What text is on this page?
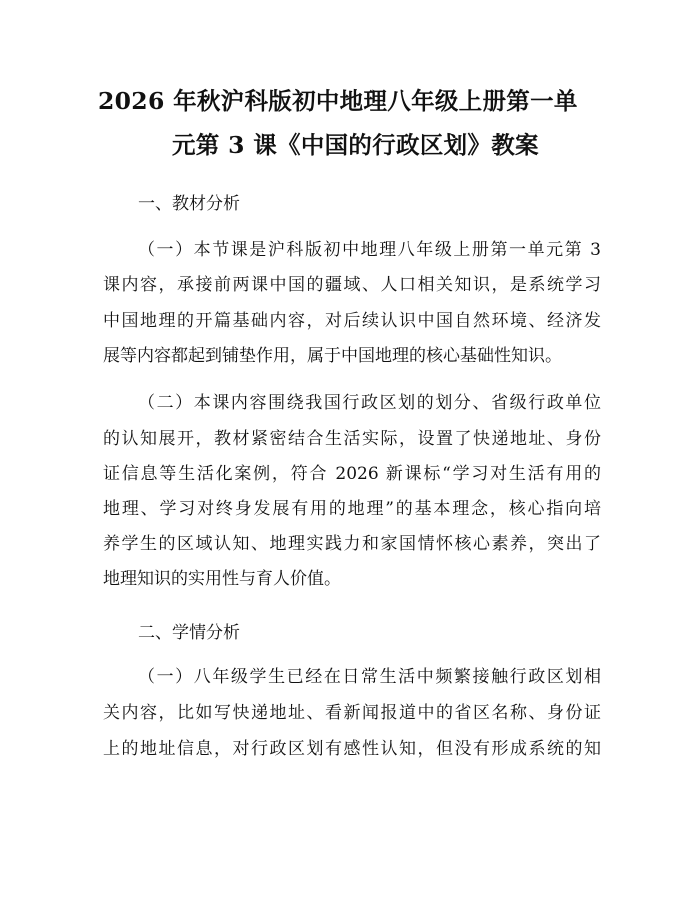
2026 年秋沪科版初中地理八年级上册第一单
元第 3 课《中国的行政区划》教案
一、教材分析
（一）本节课是沪科版初中地理八年级上册第一单元第 3
课内容，承接前两课中国的疆域、人口相关知识，是系统学习
中国地理的开篇基础内容，对后续认识中国自然环境、经济发
展等内容都起到铺垫作用，属于中国地理的核心基础性知识。
（二）本课内容围绕我国行政区划的划分、省级行政单位
的认知展开，教材紧密结合生活实际，设置了快递地址、身份
证信息等生活化案例，符合 2026 新课标“学习对生活有用的
地理、学习对终身发展有用的地理”的基本理念，核心指向培
养学生的区域认知、地理实践力和家国情怀核心素养，突出了
地理知识的实用性与育人价值。
二、学情分析
（一）八年级学生已经在日常生活中频繁接触行政区划相
关内容，比如写快递地址、看新闻报道中的省区名称、身份证
上的地址信息，对行政区划有感性认知，但没有形成系统的知
